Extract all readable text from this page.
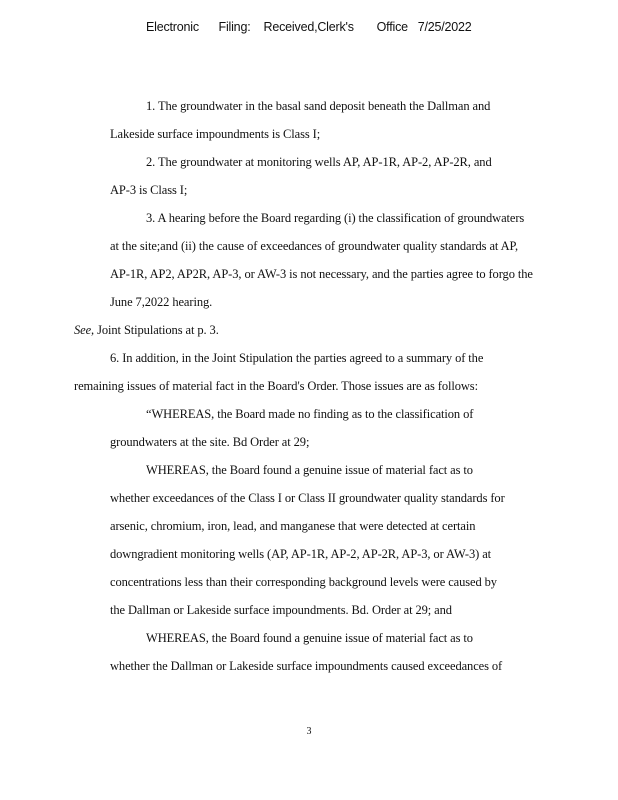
Electronic      Filing:    Received,Clerk's       Office   7/25/2022
1. The groundwater in the basal sand deposit beneath the Dallman and
Lakeside surface impoundments is Class I;
2. The groundwater at monitoring wells AP, AP-1R, AP-2, AP-2R, and
AP-3 is Class I;
3. A hearing before the Board regarding (i) the classification of groundwaters
at the site;and (ii) the cause of exceedances of groundwater quality standards at AP,
AP-1R, AP2, AP2R, AP-3, or AW-3 is not necessary, and the parties agree to forgo the
June 7,2022 hearing.
See, Joint Stipulations at p. 3.
6. In addition, in the Joint Stipulation the parties agreed to a summary of the
remaining issues of material fact in the Board's Order. Those issues are as follows:
“WHEREAS, the Board made no finding as to the classification of
groundwaters at the site. Bd Order at 29;
WHEREAS, the Board found a genuine issue of material fact as to
whether exceedances of the Class I or Class II groundwater quality standards for
arsenic, chromium, iron, lead, and manganese that were detected at certain
downgradient monitoring wells (AP, AP-1R, AP-2, AP-2R, AP-3, or AW-3) at
concentrations less than their corresponding background levels were caused by
the Dallman or Lakeside surface impoundments. Bd. Order at 29; and
WHEREAS, the Board found a genuine issue of material fact as to
whether the Dallman or Lakeside surface impoundments caused exceedances of
3
